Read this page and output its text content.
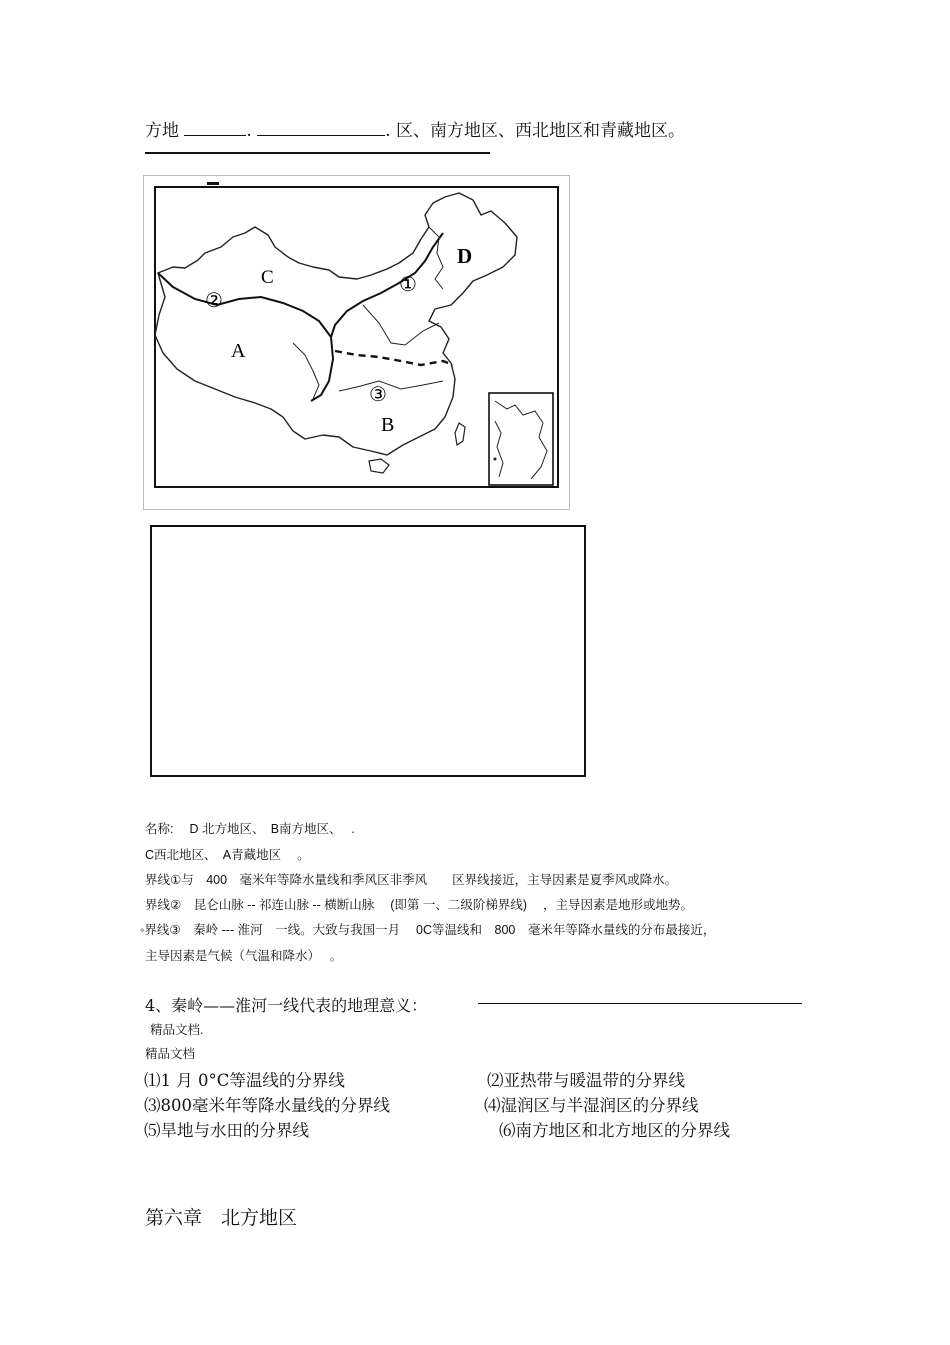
方地	.	. 区、南方地区、西北地区和青藏地区。
A
B
C
D
①
②
③
名称:　 D 北方地区、　B南方地区、　 .
C西北地区、　A青藏地区　 。
界线①与　400　毫米年等降水量线和季风区非季风　　区界线接近，主导因素是夏季风或降水。
界线②　昆仑山脉 -- 祁连山脉 -- 横断山脉　 (即第 一、二级阶梯界线)　 ，主导因素是地形或地势。
◦界线③　秦岭 --- 淮河　一线。大致与我国一月　 0C等温线和　800　毫米年等降水量线的分布最接近，
主导因素是气候（气温和降水）　 。
4、秦岭——淮河一线代表的地理意义：
精品文档.
精品文档
⑴1 月 0°C等温线的分界线	⑵亚热带与暖温带的分界线
⑶800毫米年等降水量线的分界线	⑷湿润区与半湿润区的分界线
⑸旱地与水田的分界线	⑹南方地区和北方地区的分界线
第六章　北方地区
